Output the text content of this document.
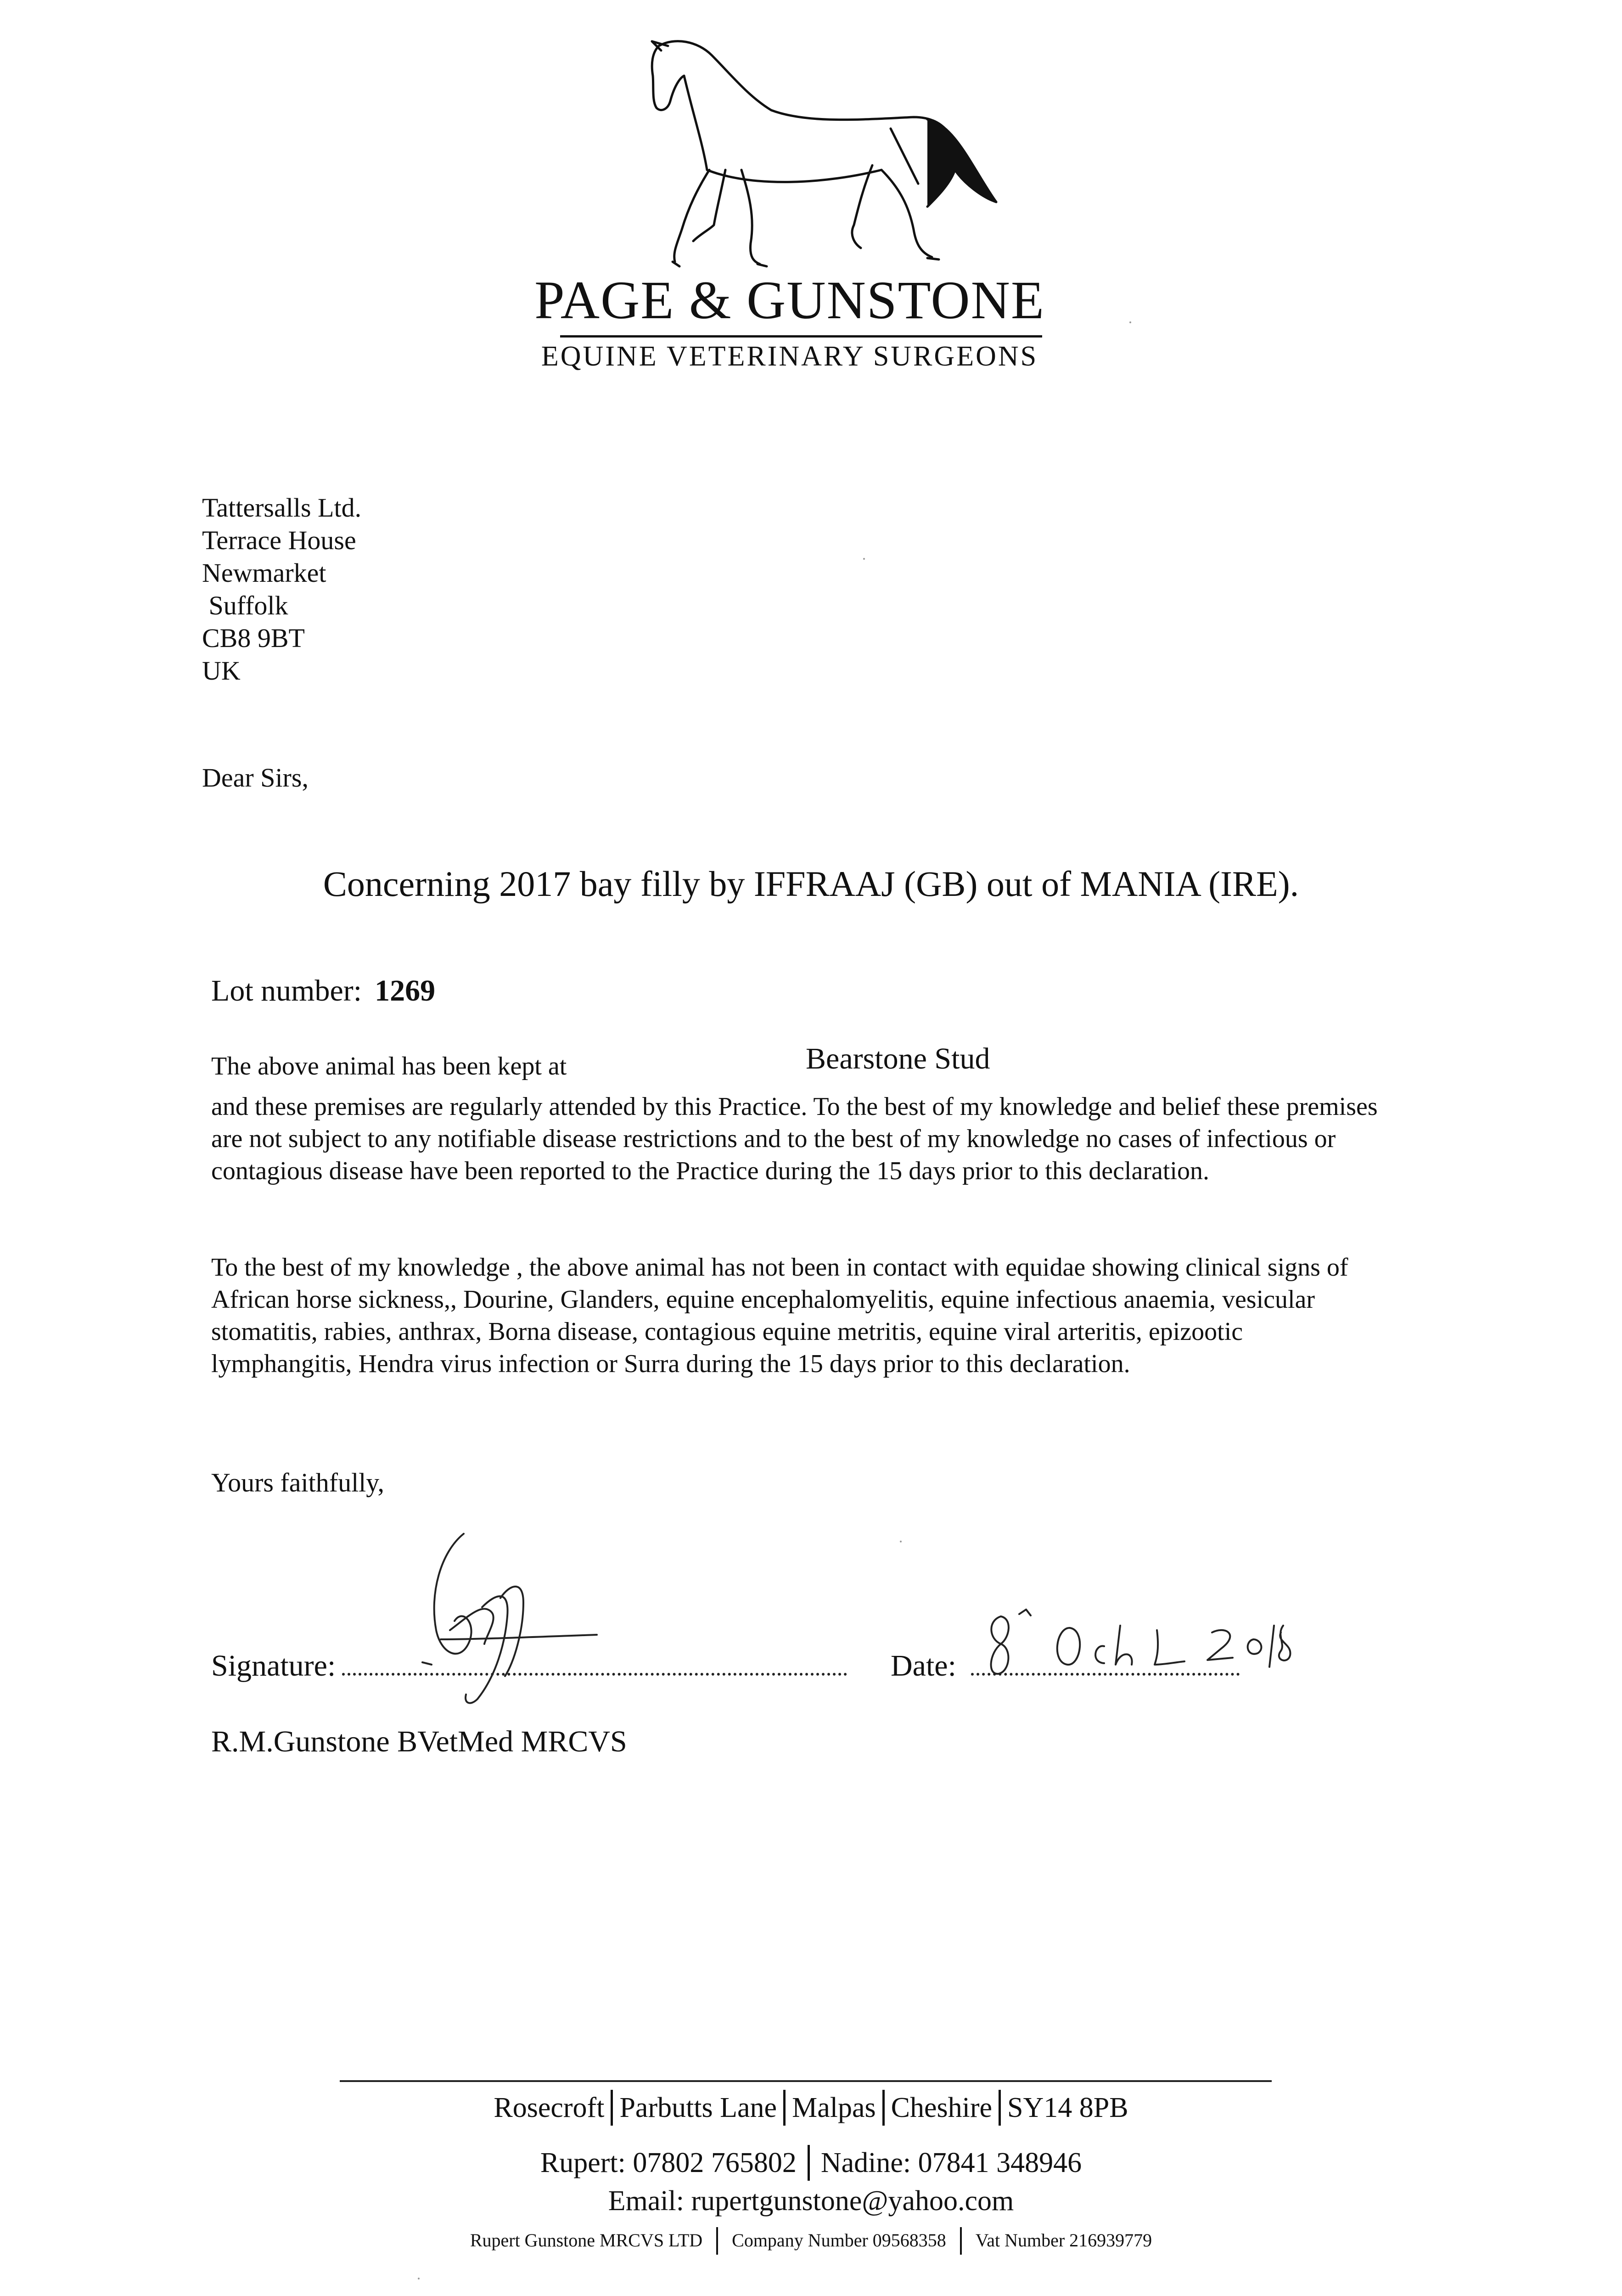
PAGE & GUNSTONE
EQUINE VETERINARY SURGEONS
Tattersalls Ltd.
Terrace House
Newmarket
Suffolk
CB8 9BT
UK
Dear Sirs,
Concerning 2017 bay filly by IFFRAAJ (GB) out of MANIA (IRE).
Lot number: 1269
The above animal has been kept at	Bearstone Stud
and these premises are regularly attended by this Practice. To the best of my knowledge and belief these premises are not subject to any notifiable disease restrictions and to the best of my knowledge no cases of infectious or contagious disease have been reported to the Practice during the 15 days prior to this declaration.
To the best of my knowledge , the above animal has not been in contact with equidae showing clinical signs of African horse sickness,, Dourine, Glanders, equine encephalomyelitis, equine infectious anaemia, vesicular stomatitis, rabies, anthrax, Borna disease, contagious equine metritis, equine viral arteritis, epizootic lymphangitis, Hendra virus infection or Surra during the 15 days prior to this declaration.
Yours faithfully,
Signature:	Date:
R.M.Gunstone BVetMed MRCVS
Rosecroft Parbutts Lane Malpas Cheshire SY14 8PB
Rupert: 07802 765802 Nadine: 07841 348946
Email: rupertgunstone@yahoo.com
Rupert Gunstone MRCVS LTD Company Number 09568358 Vat Number 216939779
